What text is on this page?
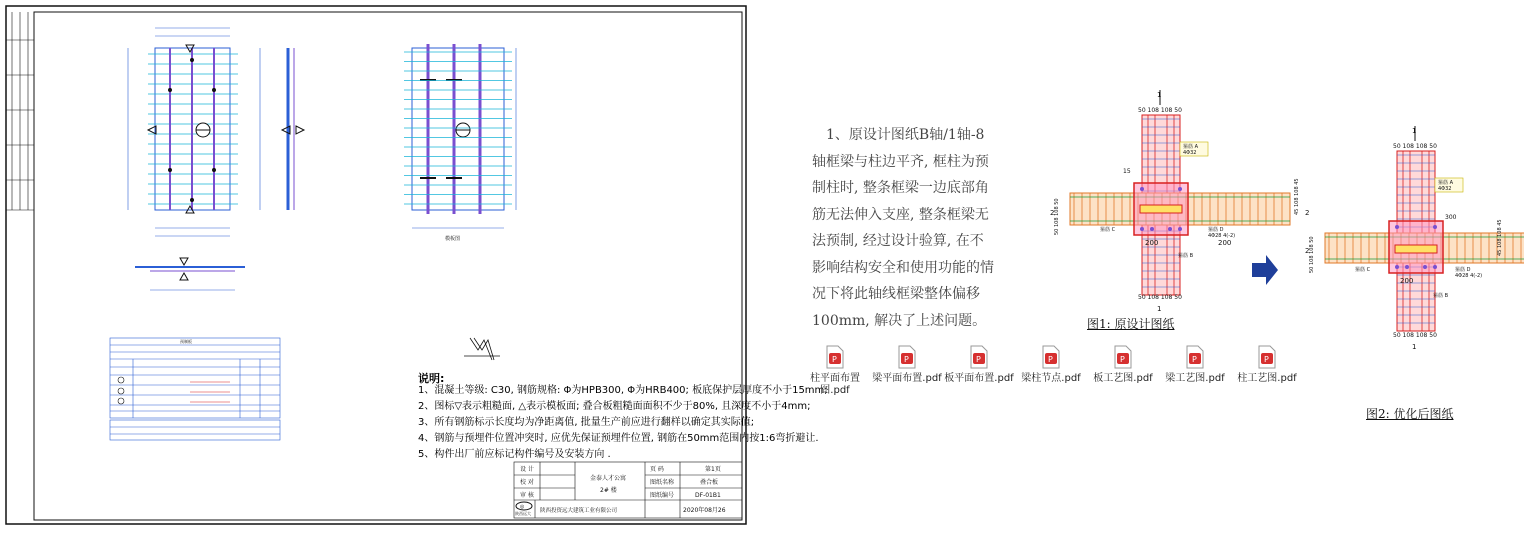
模板图
预制板
设 计
校 对
审 核
金泰人才公寓
2# 楼
页 码	第1页
图纸名称	叠合板
图纸编号	DF-01B1
陕西投资远大建筑工业有限公司	2020年08月26
陕西远大
◎
说明:
1、混凝土等级: C30, 钢筋规格: Φ为HPB300, Φ为HRB400; 板底保护层厚度不小于15mm;
2、图标▽表示粗糙面, △表示模板面; 叠合板粗糙面面积不少于80%, 且深度不小于4mm;
3、所有钢筋标示长度均为净距离值, 批量生产前应进行翻样以确定其实际值;
4、钢筋与预埋件位置冲突时, 应优先保证预埋件位置, 钢筋在50mm范围内按1:6弯折避让.
5、构件出厂前应标记构件编号及安装方向 .
1、原设计图纸B轴/1轴-8
轴框梁与柱边平齐, 框柱为预
制柱时, 整条框梁一边底部角
筋无法伸入支座, 整条框梁无
法预制, 经过设计验算, 在不
影响结构安全和使用功能的情
况下将此轴线框梁整体偏移
100mm, 解决了上述问题。
P
柱平面布置图.pdf
P
梁平面布置.pdf
P
板平面布置.pdf
P
梁柱节点.pdf
P
板工艺图.pdf
P
梁工艺图.pdf
P
柱工艺图.pdf
1
50 108 108 50
15
200	200
2	2
50 108 108 50
45 108 108 45
箍筋 A
4Φ32
箍筋 D
4Φ28 4(-2)
箍筋 C
箍筋 B
50 108 108 50
1
1
50 108 108 50
300
200
2 50 108 108 50	45 108 108 45
箍筋 A
4Φ32
箍筋 D
4Φ28 4(-2)
箍筋 C
箍筋 B
50 108 108 50
1
图1: 原设计图纸
图2: 优化后图纸
